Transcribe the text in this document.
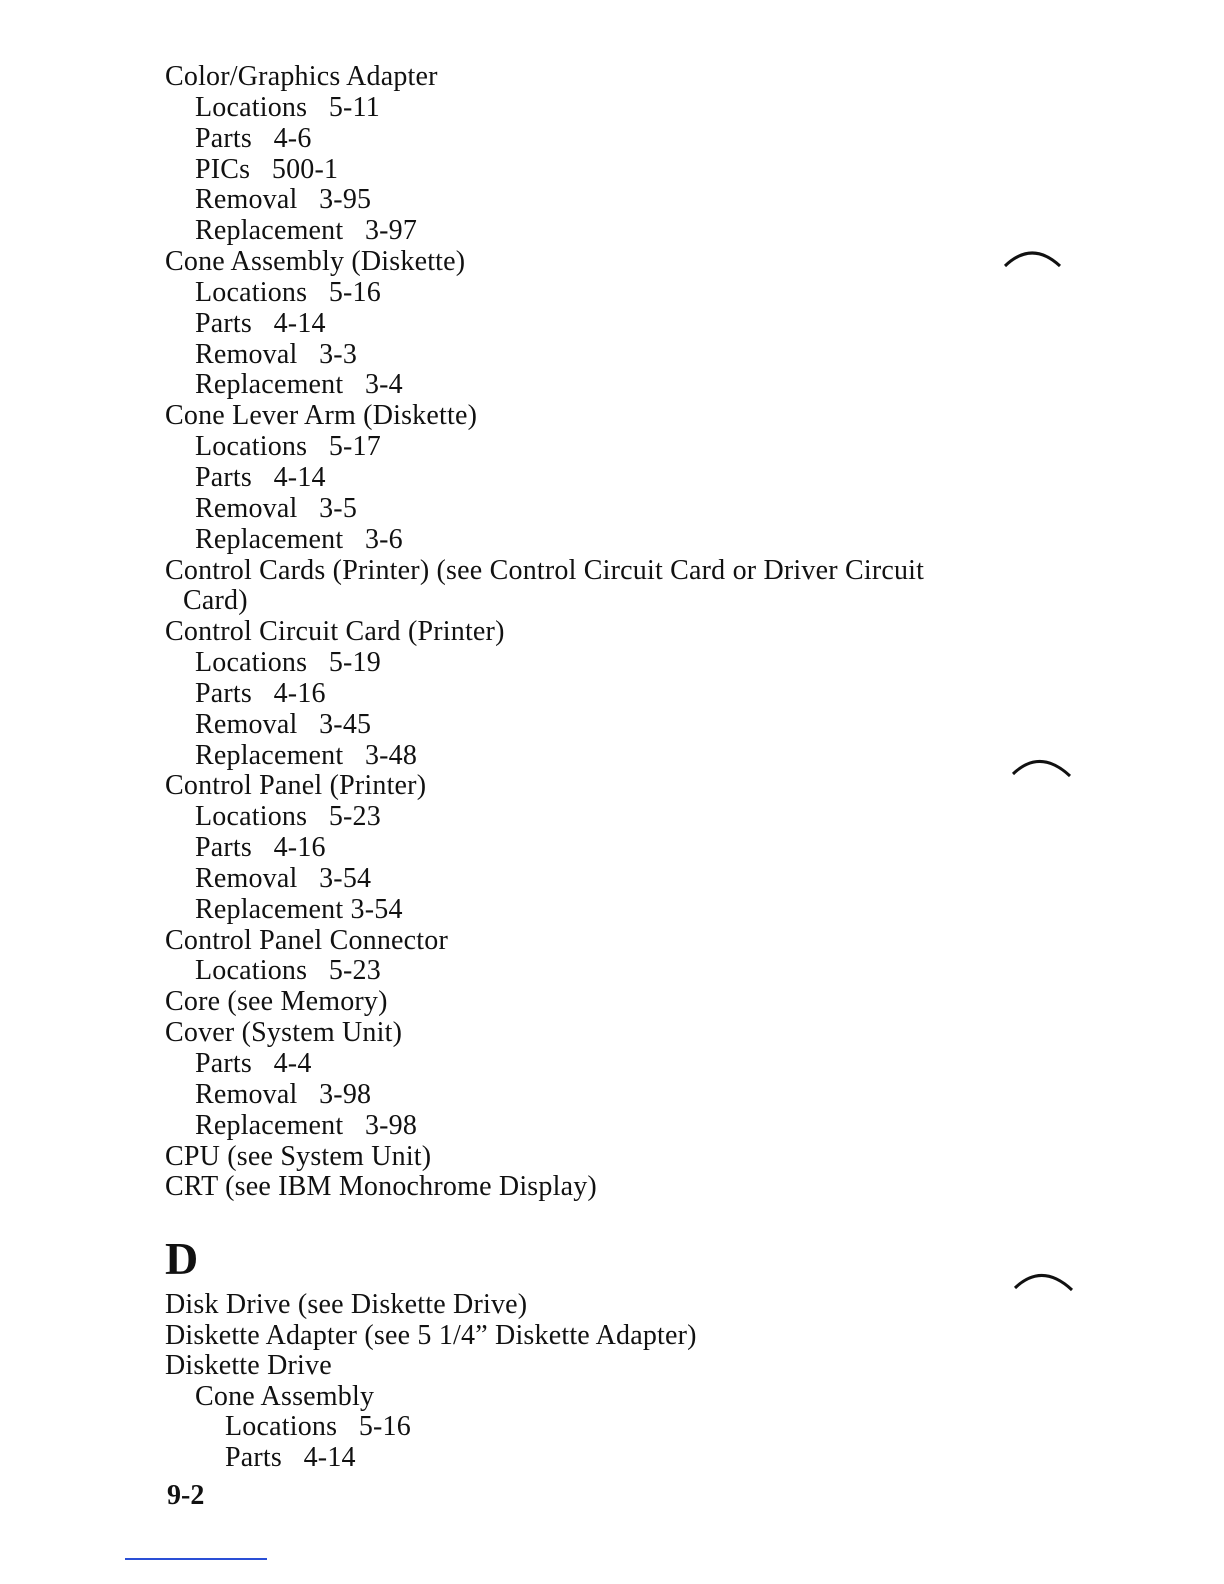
Color/Graphics Adapter
Locations   5-11
Parts   4-6
PICs   500-1
Removal   3-95
Replacement   3-97
Cone Assembly (Diskette)
Locations   5-16
Parts   4-14
Removal   3-3
Replacement   3-4
Cone Lever Arm (Diskette)
Locations   5-17
Parts   4-14
Removal   3-5
Replacement   3-6
Control Cards (Printer) (see Control Circuit Card or Driver Circuit
Card)
Control Circuit Card (Printer)
Locations   5-19
Parts   4-16
Removal   3-45
Replacement   3-48
Control Panel (Printer)
Locations   5-23
Parts   4-16
Removal   3-54
Replacement 3-54
Control Panel Connector
Locations   5-23
Core (see Memory)
Cover (System Unit)
Parts   4-4
Removal   3-98
Replacement   3-98
CPU (see System Unit)
CRT (see IBM Monochrome Display)
D
Disk Drive (see Diskette Drive)
Diskette Adapter (see 5 1/4” Diskette Adapter)
Diskette Drive
Cone Assembly
Locations   5-16
Parts   4-14
9-2
